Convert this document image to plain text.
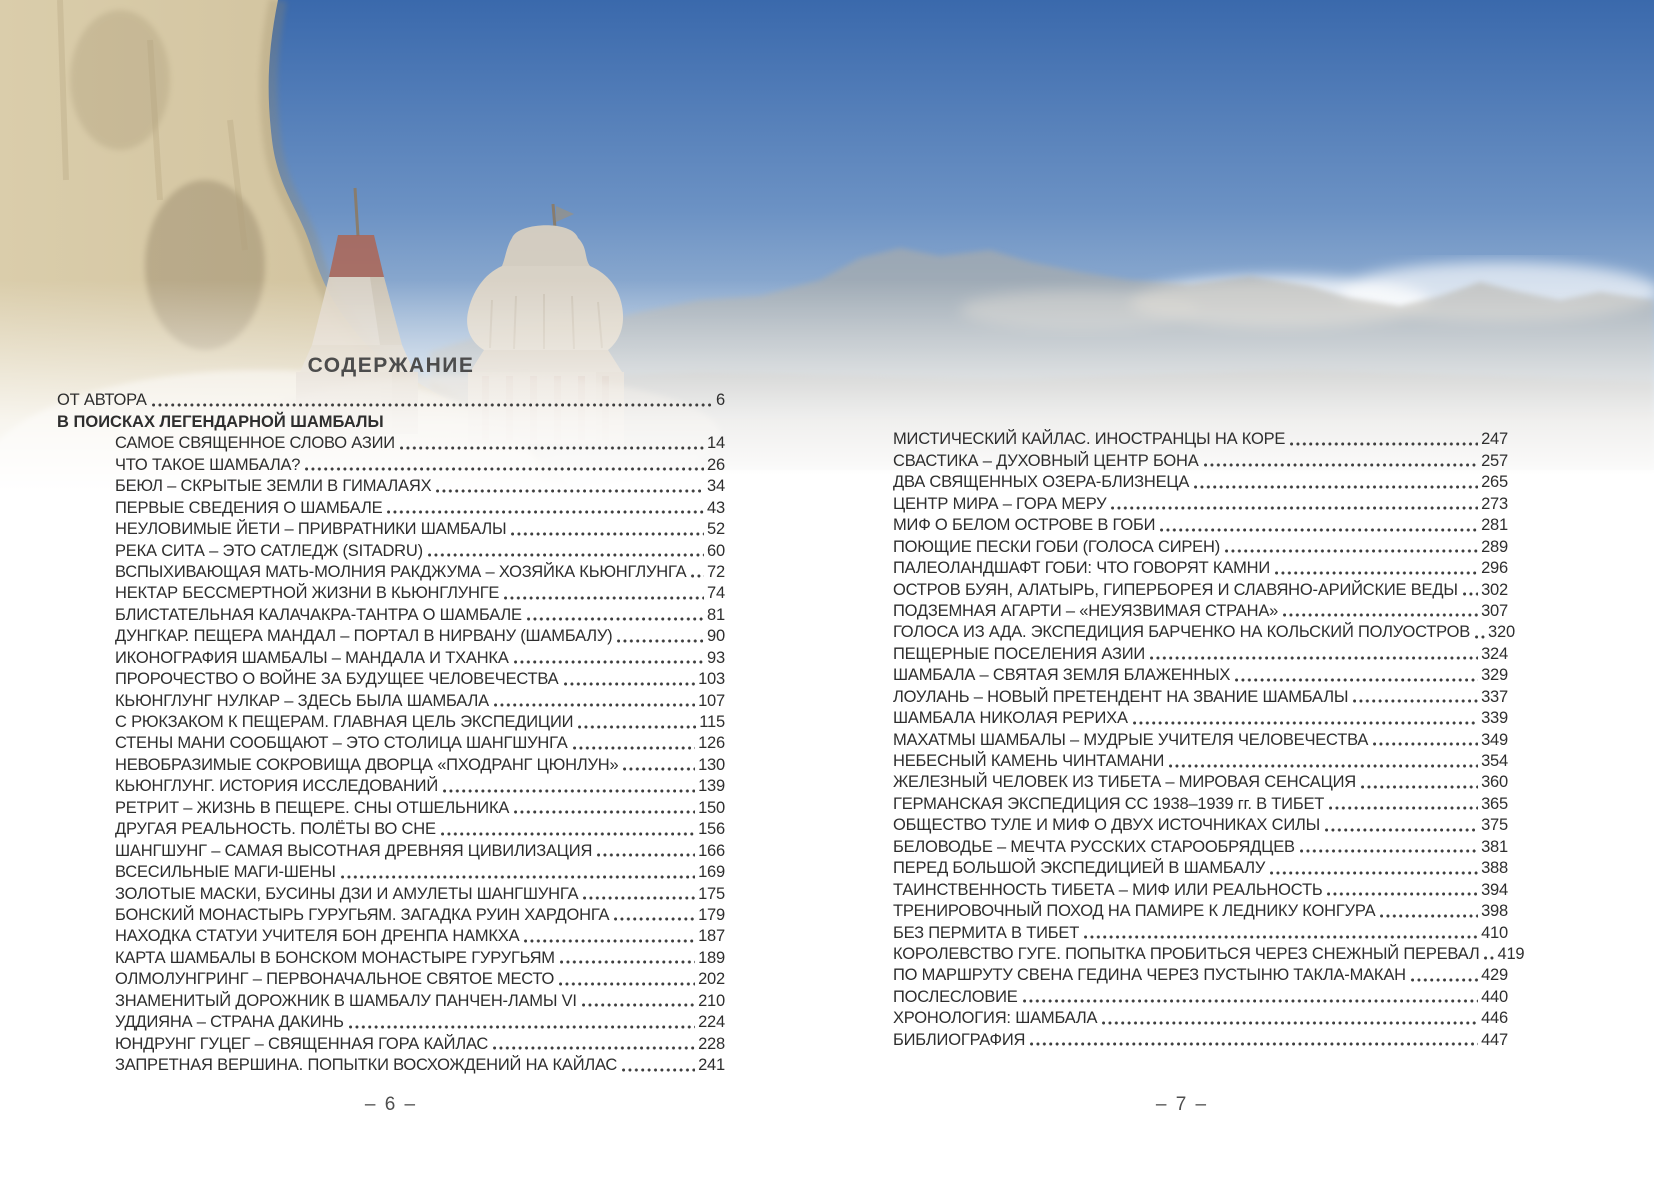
СОДЕРЖАНИЕ
ОТ АВТОРА	6
В ПОИСКАХ ЛЕГЕНДАРНОЙ ШАМБАЛЫ
САМОЕ СВЯЩЕННОЕ СЛОВО АЗИИ	14
ЧТО ТАКОЕ ШАМБАЛА?	26
БЕЮЛ – СКРЫТЫЕ ЗЕМЛИ В ГИМАЛАЯХ	34
ПЕРВЫЕ СВЕДЕНИЯ О ШАМБАЛЕ	43
НЕУЛОВИМЫЕ ЙЕТИ – ПРИВРАТНИКИ ШАМБАЛЫ	52
РЕКА СИТА – ЭТО САТЛЕДЖ (SITADRU)	60
ВСПЫХИВАЮЩАЯ МАТЬ-МОЛНИЯ РАКДЖУМА – ХОЗЯЙКА КЬЮНГЛУНГА 72
НЕКТАР БЕССМЕРТНОЙ ЖИЗНИ В КЬЮНГЛУНГЕ	74
БЛИСТАТЕЛЬНАЯ КАЛАЧАКРА-ТАНТРА О ШАМБАЛЕ	81
ДУНГКАР. ПЕЩЕРА МАНДАЛ – ПОРТАЛ В НИРВАНУ (ШАМБАЛУ)	90
ИКОНОГРАФИЯ ШАМБАЛЫ – МАНДАЛА И ТХАНКА	93
ПРОРОЧЕСТВО О ВОЙНЕ ЗА БУДУЩЕЕ ЧЕЛОВЕЧЕСТВА	103
КЬЮНГЛУНГ НУЛКАР – ЗДЕСЬ БЫЛА ШАМБАЛА	107
С РЮКЗАКОМ К ПЕЩЕРАМ. ГЛАВНАЯ ЦЕЛЬ ЭКСПЕДИЦИИ	115
СТЕНЫ МАНИ СООБЩАЮТ – ЭТО СТОЛИЦА ШАНГШУНГА	126
НЕВОБРАЗИМЫЕ СОКРОВИЩА ДВОРЦА «ПХОДРАНГ ЦЮНЛУН»	130
КЬЮНГЛУНГ. ИСТОРИЯ ИССЛЕДОВАНИЙ	139
РЕТРИТ – ЖИЗНЬ В ПЕЩЕРЕ. СНЫ ОТШЕЛЬНИКА	150
ДРУГАЯ РЕАЛЬНОСТЬ. ПОЛЁТЫ ВО СНЕ	156
ШАНГШУНГ – САМАЯ ВЫСОТНАЯ ДРЕВНЯЯ ЦИВИЛИЗАЦИЯ	166
ВСЕСИЛЬНЫЕ МАГИ-ШЕНЫ	169
ЗОЛОТЫЕ МАСКИ, БУСИНЫ ДЗИ И АМУЛЕТЫ ШАНГШУНГА	175
БОНСКИЙ МОНАСТЫРЬ ГУРУГЬЯМ. ЗАГАДКА РУИН ХАРДОНГА	179
НАХОДКА СТАТУИ УЧИТЕЛЯ БОН ДРЕНПА НАМКХА	187
КАРТА ШАМБАЛЫ В БОНСКОМ МОНАСТЫРЕ ГУРУГЬЯМ	189
ОЛМОЛУНГРИНГ – ПЕРВОНАЧАЛЬНОЕ СВЯТОЕ МЕСТО	202
ЗНАМЕНИТЫЙ ДОРОЖНИК В ШАМБАЛУ ПАНЧЕН-ЛАМЫ VI	210
УДДИЯНА – СТРАНА ДАКИНЬ	224
ЮНДРУНГ ГУЦЕГ – СВЯЩЕННАЯ ГОРА КАЙЛАС	228
ЗАПРЕТНАЯ ВЕРШИНА. ПОПЫТКИ ВОСХОЖДЕНИЙ НА КАЙЛАС	241
МИСТИЧЕСКИЙ КАЙЛАС. ИНОСТРАНЦЫ НА КОРЕ	247
СВАСТИКА – ДУХОВНЫЙ ЦЕНТР БОНА	257
ДВА СВЯЩЕННЫХ ОЗЕРА-БЛИЗНЕЦА	265
ЦЕНТР МИРА – ГОРА МЕРУ	273
МИФ О БЕЛОМ ОСТРОВЕ В ГОБИ	281
ПОЮЩИЕ ПЕСКИ ГОБИ (ГОЛОСА СИРЕН)	289
ПАЛЕОЛАНДШАФТ ГОБИ: ЧТО ГОВОРЯТ КАМНИ	296
ОСТРОВ БУЯН, АЛАТЫРЬ, ГИПЕРБОРЕЯ И СЛАВЯНО-АРИЙСКИЕ ВЕДЫ 302
ПОДЗЕМНАЯ АГАРТИ – «НЕУЯЗВИМАЯ СТРАНА»	307
ГОЛОСА ИЗ АДА. ЭКСПЕДИЦИЯ БАРЧЕНКО НА КОЛЬСКИЙ ПОЛУОСТРОВ 320
ПЕЩЕРНЫЕ ПОСЕЛЕНИЯ АЗИИ	324
ШАМБАЛА – СВЯТАЯ ЗЕМЛЯ БЛАЖЕННЫХ	329
ЛОУЛАНЬ – НОВЫЙ ПРЕТЕНДЕНТ НА ЗВАНИЕ ШАМБАЛЫ	337
ШАМБАЛА НИКОЛАЯ РЕРИХА	339
МАХАТМЫ ШАМБАЛЫ – МУДРЫЕ УЧИТЕЛЯ ЧЕЛОВЕЧЕСТВА	349
НЕБЕСНЫЙ КАМЕНЬ ЧИНТАМАНИ	354
ЖЕЛЕЗНЫЙ ЧЕЛОВЕК ИЗ ТИБЕТА – МИРОВАЯ СЕНСАЦИЯ	360
ГЕРМАНСКАЯ ЭКСПЕДИЦИЯ СС 1938–1939 гг. В ТИБЕТ	365
ОБЩЕСТВО ТУЛЕ И МИФ О ДВУХ ИСТОЧНИКАХ СИЛЫ	375
БЕЛОВОДЬЕ – МЕЧТА РУССКИХ СТАРООБРЯДЦЕВ	381
ПЕРЕД БОЛЬШОЙ ЭКСПЕДИЦИЕЙ В ШАМБАЛУ	388
ТАИНСТВЕННОСТЬ ТИБЕТА – МИФ ИЛИ РЕАЛЬНОСТЬ	394
ТРЕНИРОВОЧНЫЙ ПОХОД НА ПАМИРЕ К ЛЕДНИКУ КОНГУРА	398
БЕЗ ПЕРМИТА В ТИБЕТ	410
КОРОЛЕВСТВО ГУГЕ. ПОПЫТКА ПРОБИТЬСЯ ЧЕРЕЗ СНЕЖНЫЙ ПЕРЕВАЛ 419
ПО МАРШРУТУ СВЕНА ГЕДИНА ЧЕРЕЗ ПУСТЫНЮ ТАКЛА-МАКАН	429
ПОСЛЕСЛОВИЕ	440
ХРОНОЛОГИЯ: ШАМБАЛА	446
БИБЛИОГРАФИЯ	447
– 6 –	– 7 –
